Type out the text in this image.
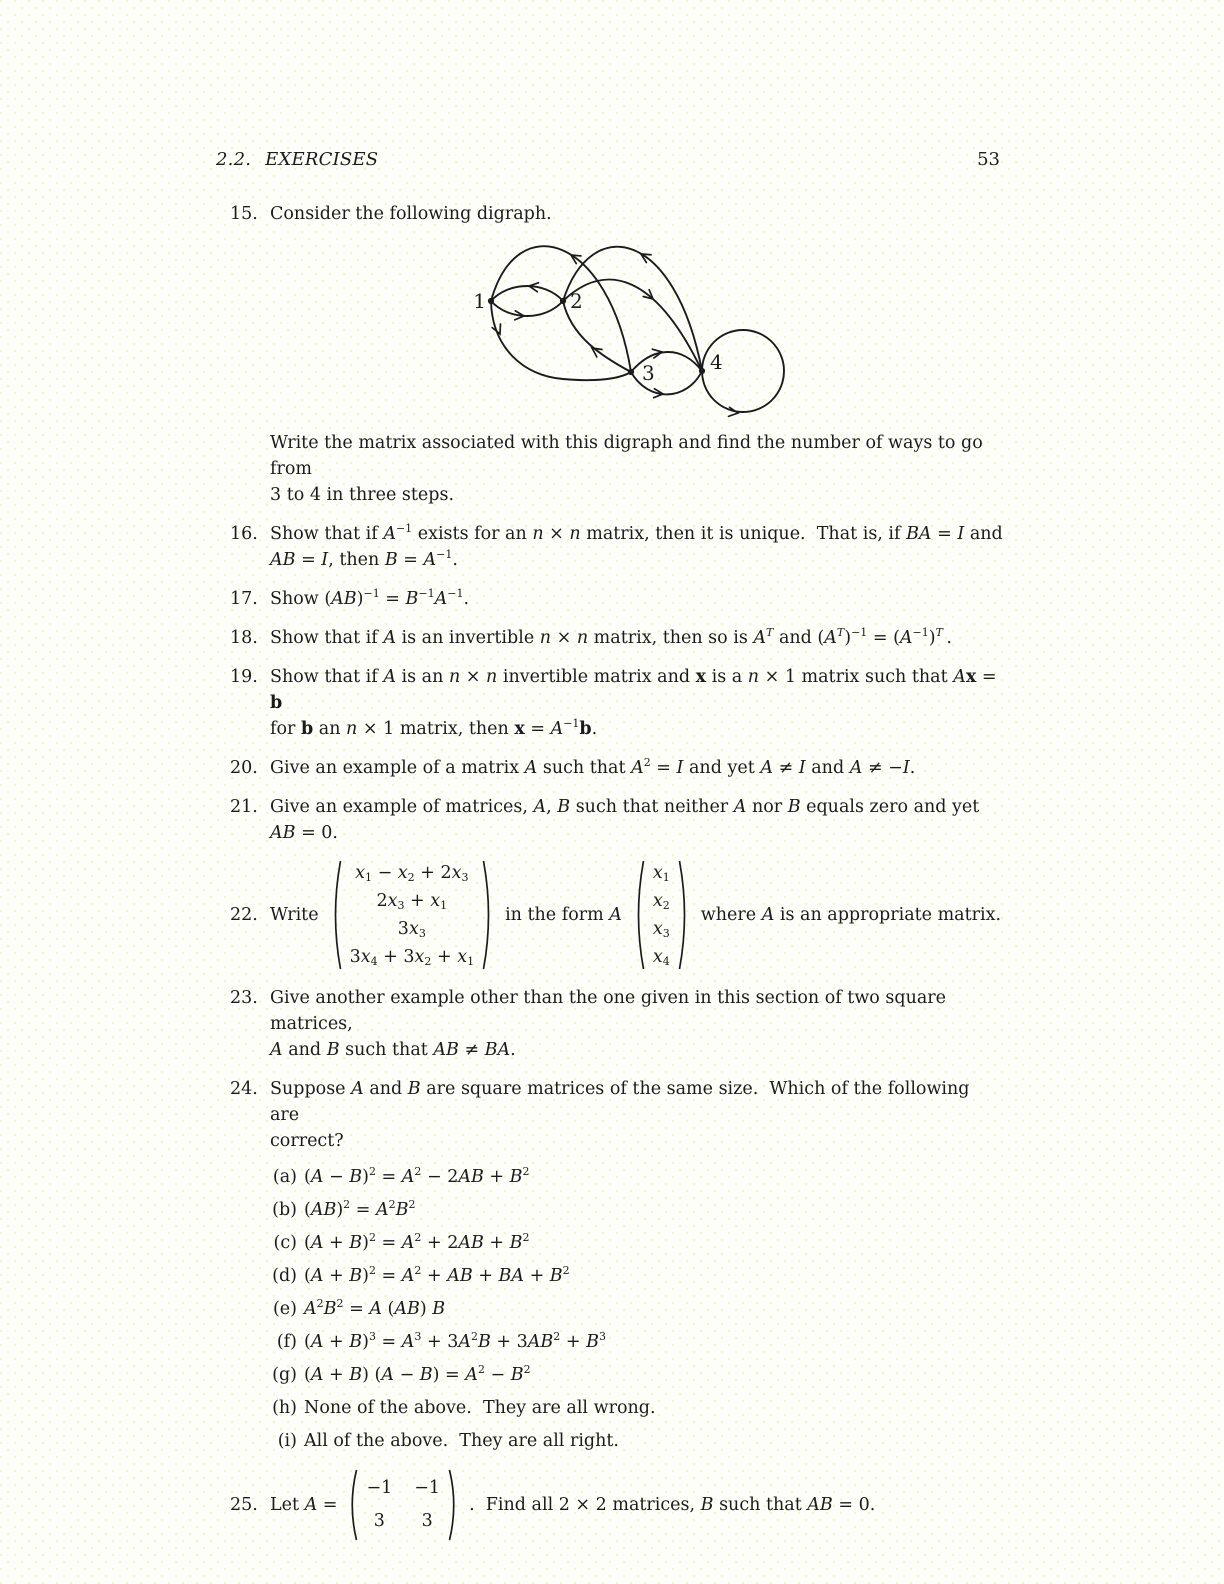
2.2. EXERCISES	53
15. Consider the following digraph.
1	2
3	4
Write the matrix associated with this digraph and find the number of ways to go from
3 to 4 in three steps.
16. Show that if $A^{-1}$ exists for an n × n matrix, then it is unique.  That is, if BA = I and
AB = I, then $B = A^{-1}$.
17. Show $(AB)^{-1} = B^{-1}A^{-1}$.
18. Show that if A is an invertible n × n matrix, then so is $A^T$ and $(A^T)^{-1} = (A^{-1})^T$ .
19. Show that if A is an n × n invertible matrix and x is a n × 1 matrix such that Ax = b
for b an n × 1 matrix, then $x = A^{-1}b$.
20. Give an example of a matrix A such that $A^2 = I$ and yet A ≠ I and A ≠ −I.
21. Give an example of matrices, A, B such that neither A nor B equals zero and yet
AB = 0.
22. Write
$x_1 - x_2 + 2x_3$
$2x_3 + x_1$
$3x_3$
$3x_4 + 3x_2 + x_1$
in the form A
$x_1$
$x_2$
$x_3$
$x_4$
where A is an appropriate matrix.
23. Give another example other than the one given in this section of two square matrices,
A and B such that AB ≠ BA.
24. Suppose A and B are square matrices of the same size.  Which of the following are
correct?
(a) $(A - B)^2 = A^2 - 2AB + B^2$
(b) $(AB)^2 = A^2B^2$
(c) $(A + B)^2 = A^2 + 2AB + B^2$
(d) $(A + B)^2 = A^2$ + AB + BA + $B^2$
(e) $A^2B^2 = A$ (AB) B
(f) $(A + B)^3 = A^3 + 3A^2B + 3AB^2 + B^3$
(g) (A + B) $(A - B) = A^2 - B^2$
(h) None of the above.  They are all wrong.
(i) All of the above.  They are all right.
25. Let A =
−1 −1
3 3
.  Find all 2 × 2 matrices, B such that AB = 0.
